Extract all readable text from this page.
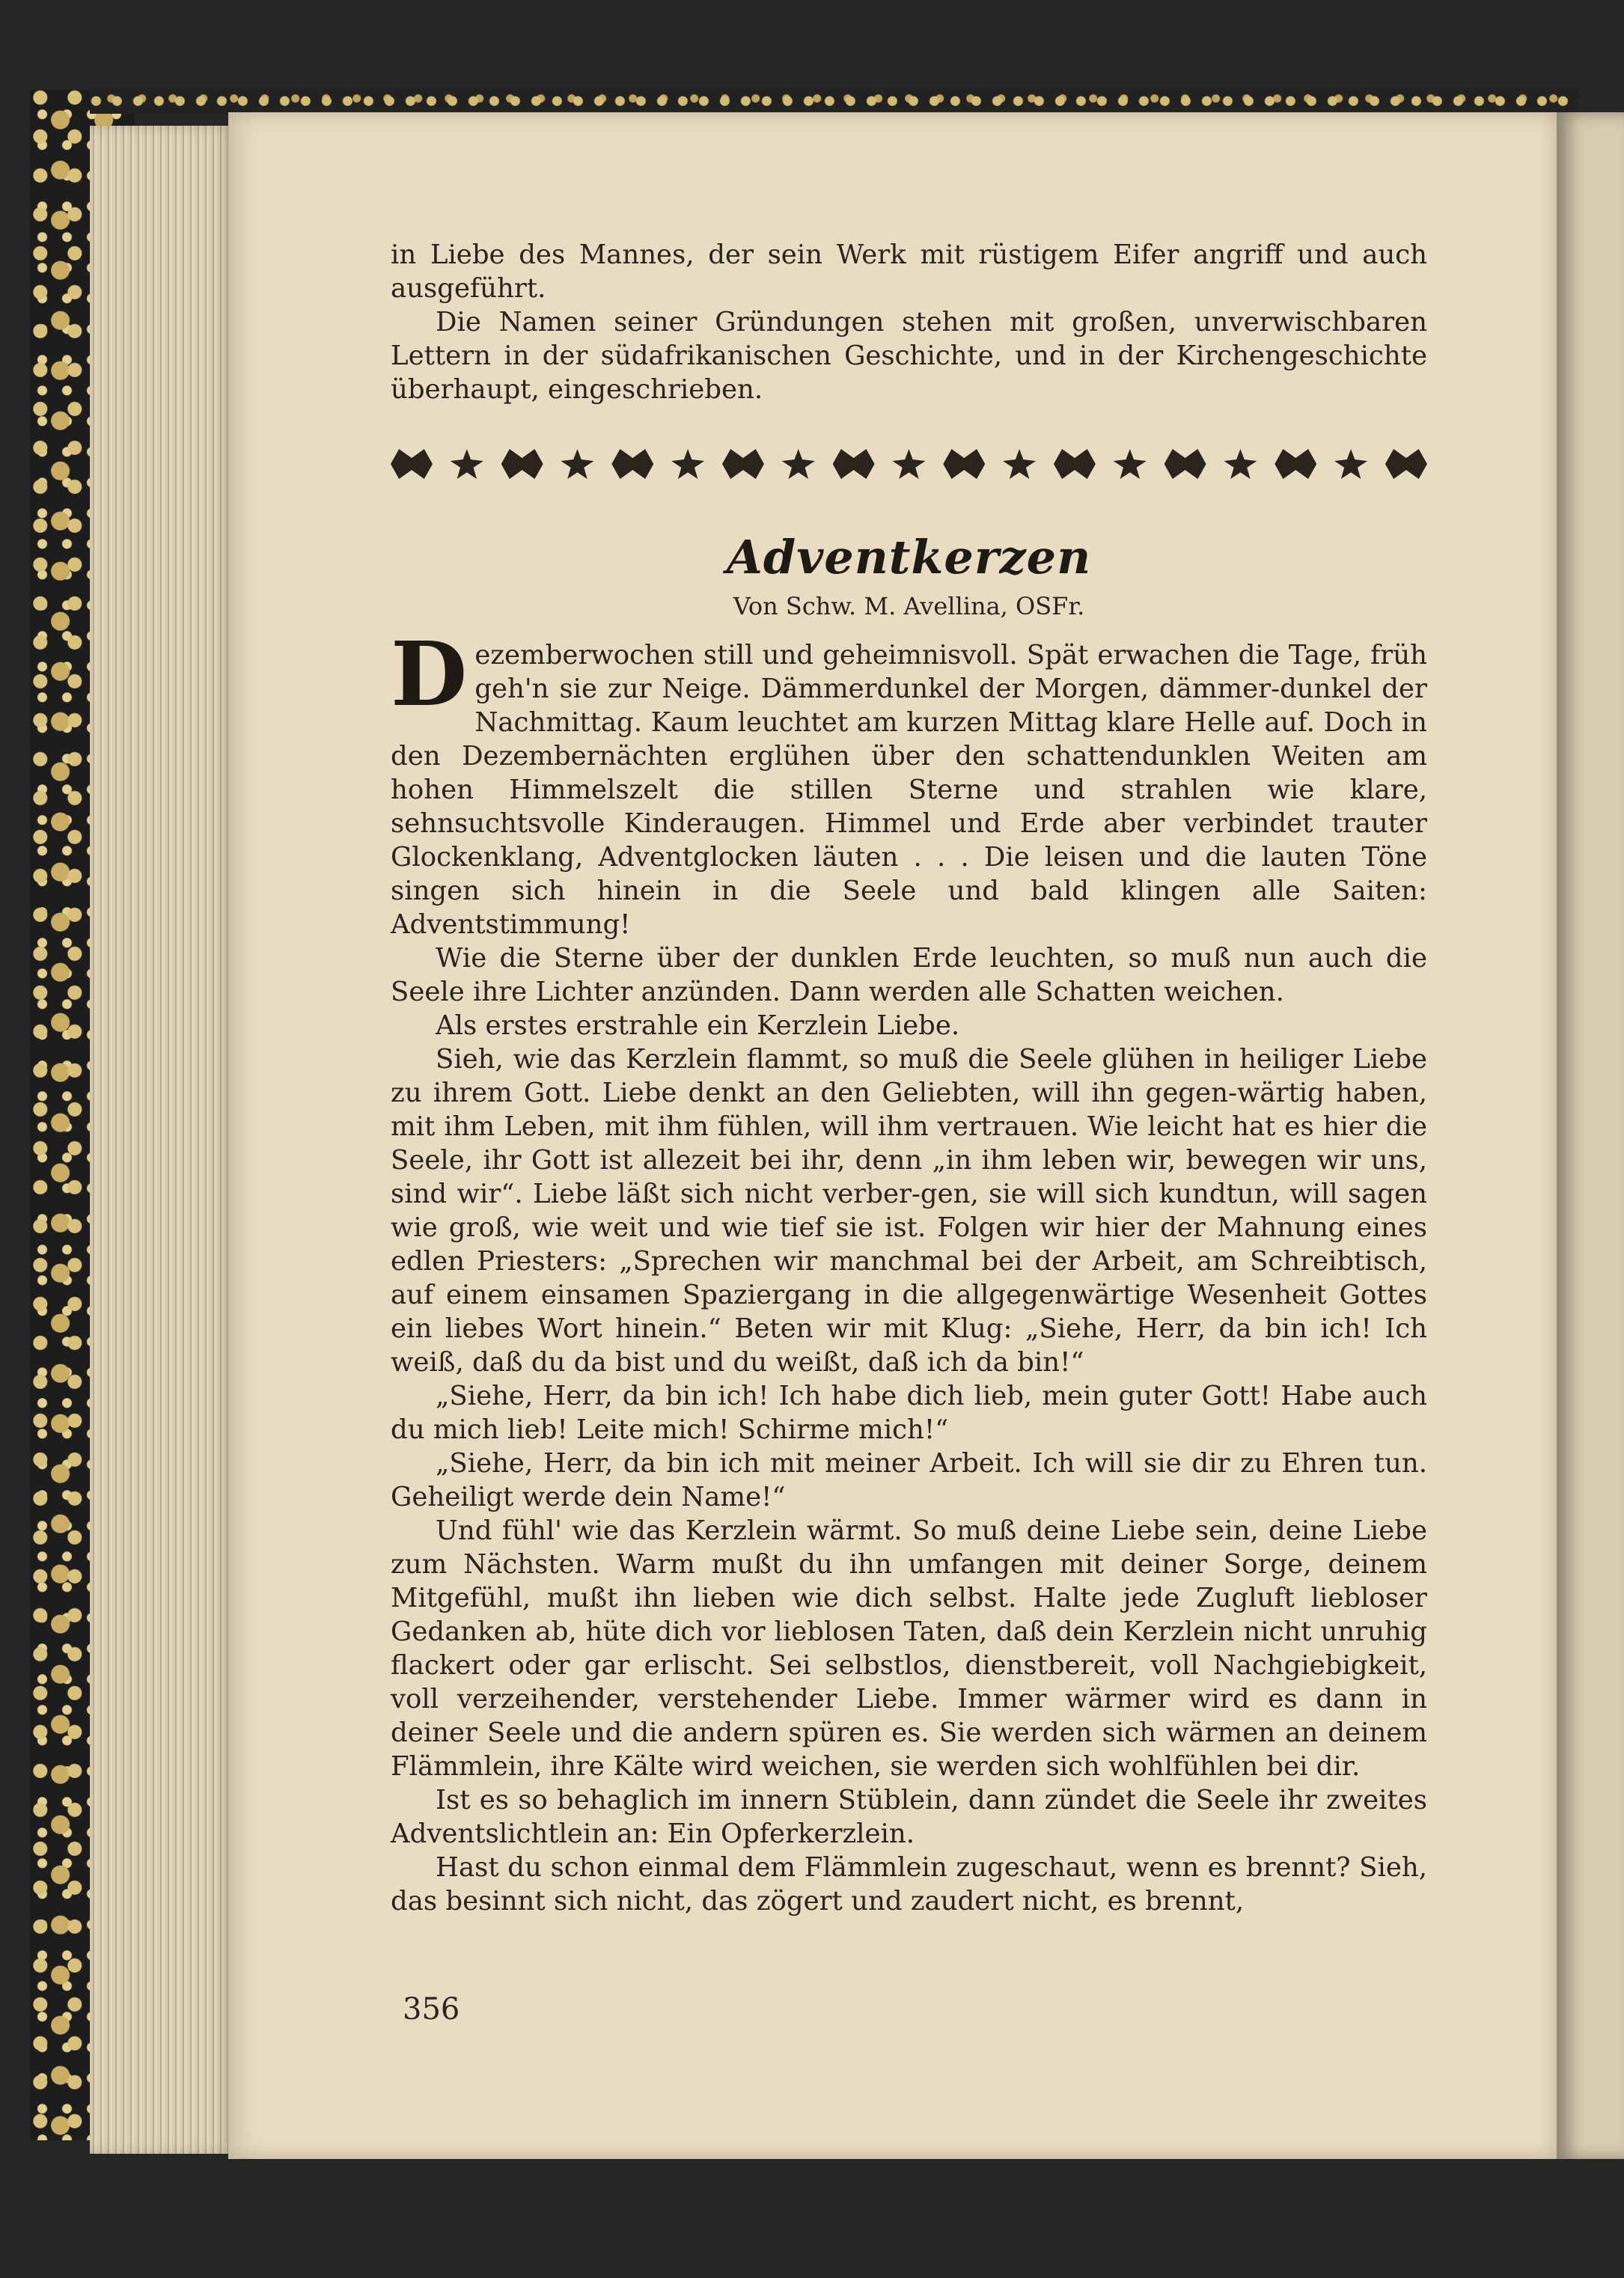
in Liebe des Mannes, der sein Werk mit rüstigem Eifer angriff und auch ausgeführt.

Die Namen seiner Gründungen stehen mit großen, unverwischbaren Lettern in der südafrikanischen Geschichte, und in der Kirchengeschichte überhaupt, eingeschrieben.

Adventkerzen
Von Schw. M. Avellina, OSFr.

Dezemberwochen still und geheimnisvoll. Spät erwachen die Tage, früh geh'n sie zur Neige. Dämmerdunkel der Morgen, dämmer-dunkel der Nachmittag. Kaum leuchtet am kurzen Mittag klare Helle auf. Doch in den Dezembernächten erglühen über den schattendunklen Weiten am hohen Himmelszelt die stillen Sterne und strahlen wie klare, sehnsuchtsvolle Kinderaugen. Himmel und Erde aber verbindet trauter Glockenklang, Adventglocken läuten . . . Die leisen und die lauten Töne singen sich hinein in die Seele und bald klingen alle Saiten: Adventstimmung!

Wie die Sterne über der dunklen Erde leuchten, so muß nun auch die Seele ihre Lichter anzünden. Dann werden alle Schatten weichen.

Als erstes erstrahle ein Kerzlein Liebe.

Sieh, wie das Kerzlein flammt, so muß die Seele glühen in heiliger Liebe zu ihrem Gott. Liebe denkt an den Geliebten, will ihn gegen-wärtig haben, mit ihm Leben, mit ihm fühlen, will ihm vertrauen. Wie leicht hat es hier die Seele, ihr Gott ist allezeit bei ihr, denn „in ihm leben wir, bewegen wir uns, sind wir“. Liebe läßt sich nicht verber-gen, sie will sich kundtun, will sagen wie groß, wie weit und wie tief sie ist. Folgen wir hier der Mahnung eines edlen Priesters: „Sprechen wir manchmal bei der Arbeit, am Schreibtisch, auf einem einsamen Spaziergang in die allgegenwärtige Wesenheit Gottes ein liebes Wort hinein.“ Beten wir mit Klug: „Siehe, Herr, da bin ich! Ich weiß, daß du da bist und du weißt, daß ich da bin!“

„Siehe, Herr, da bin ich! Ich habe dich lieb, mein guter Gott! Habe auch du mich lieb! Leite mich! Schirme mich!“

„Siehe, Herr, da bin ich mit meiner Arbeit. Ich will sie dir zu Ehren tun. Geheiligt werde dein Name!“

Und fühl' wie das Kerzlein wärmt. So muß deine Liebe sein, deine Liebe zum Nächsten. Warm mußt du ihn umfangen mit deiner Sorge, deinem Mitgefühl, mußt ihn lieben wie dich selbst. Halte jede Zugluft liebloser Gedanken ab, hüte dich vor lieblosen Taten, daß dein Kerzlein nicht unruhig flackert oder gar erlischt. Sei selbstlos, dienstbereit, voll Nachgiebigkeit, voll verzeihender, verstehender Liebe. Immer wärmer wird es dann in deiner Seele und die andern spüren es. Sie werden sich wärmen an deinem Flämmlein, ihre Kälte wird weichen, sie werden sich wohlfühlen bei dir.

Ist es so behaglich im innern Stüblein, dann zündet die Seele ihr zweites Adventslichtlein an: Ein Opferkerzlein.

Hast du schon einmal dem Flämmlein zugeschaut, wenn es brennt? Sieh, das besinnt sich nicht, das zögert und zaudert nicht, es brennt,

356
